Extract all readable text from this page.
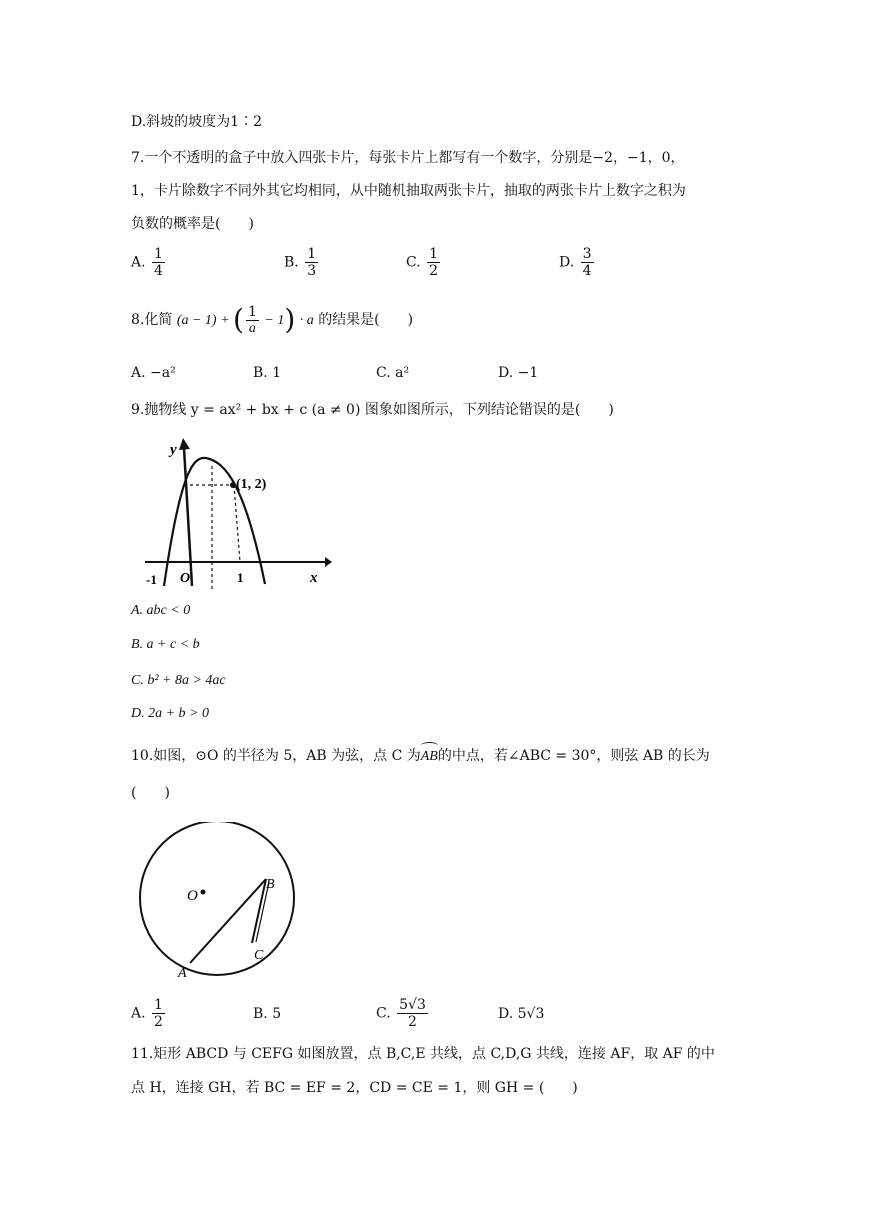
D.斜坡的坡度为1∶2
7.一个不透明的盒子中放入四张卡片，每张卡片上都写有一个数字，分别是−2，−1，0，
1，卡片除数字不同外其它均相同，从中随机抽取两张卡片，抽取的两张卡片上数字之积为
负数的概率是(　　)
A. $\frac{1}{4}$	B. $\frac{1}{3}$	C. $\frac{1}{2}$	D. $\frac{3}{4}$
8.化简 (a − 1) + ( $\frac{1}{a} - 1) \cdot a$ 的结果是(　　)
A. −a²	B. 1	C. a²	D. −1
9.抛物线 y = ax² + bx + c (a ≠ 0) 图象如图所示，下列结论错误的是(　　)
(1, 2)
y
x
O
-1	1
A. abc < 0
B. a + c < b
C. b² + 8a > 4ac
D. 2a + b > 0
10.如图，⊙O 的半径为 5，AB 为弦，点 C 为AB的中点，若∠ABC = 30°，则弦 AB 的长为
(　　)
O
B
C
A
A. $\frac{1}{2}$	B. 5	C. $\frac{5√3}{2}$	D. 5√3
11.矩形 ABCD 与 CEFG 如图放置，点 B,C,E 共线，点 C,D,G 共线，连接 AF，取 AF 的中
点 H，连接 GH，若 BC = EF = 2，CD = CE = 1，则 GH = (　　)
